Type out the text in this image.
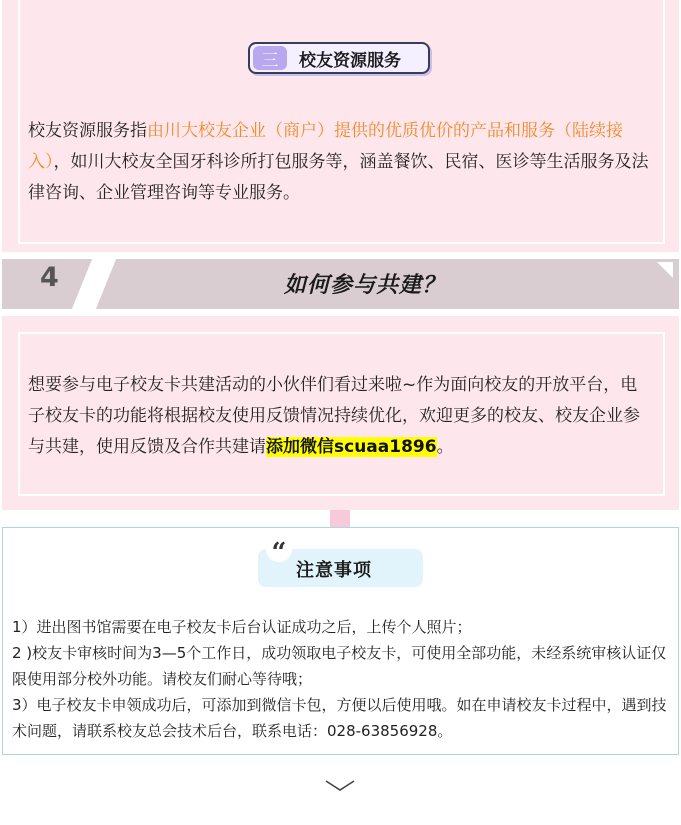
三	校友资源服务

校友资源服务指由川大校友企业（商户）提供的优质优价的产品和服务（陆续接入），如川大校友全国牙科诊所打包服务等，涵盖餐饮、民宿、医诊等生活服务及法律咨询、企业管理咨询等专业服务。

4	如何参与共建？

想要参与电子校友卡共建活动的小伙伴们看过来啦~作为面向校友的开放平台，电子校友卡的功能将根据校友使用反馈情况持续优化，欢迎更多的校友、校友企业参与共建，使用反馈及合作共建请添加微信scuaa1896。

“
注意事项
1）进出图书馆需要在电子校友卡后台认证成功之后，上传个人照片；
2 )校友卡审核时间为3—5个工作日，成功领取电子校友卡，可使用全部功能，未经系统审核认证仅限使用部分校外功能。请校友们耐心等待哦；
3）电子校友卡申领成功后，可添加到微信卡包，方便以后使用哦。如在申请校友卡过程中，遇到技术问题，请联系校友总会技术后台，联系电话：028-63856928。
